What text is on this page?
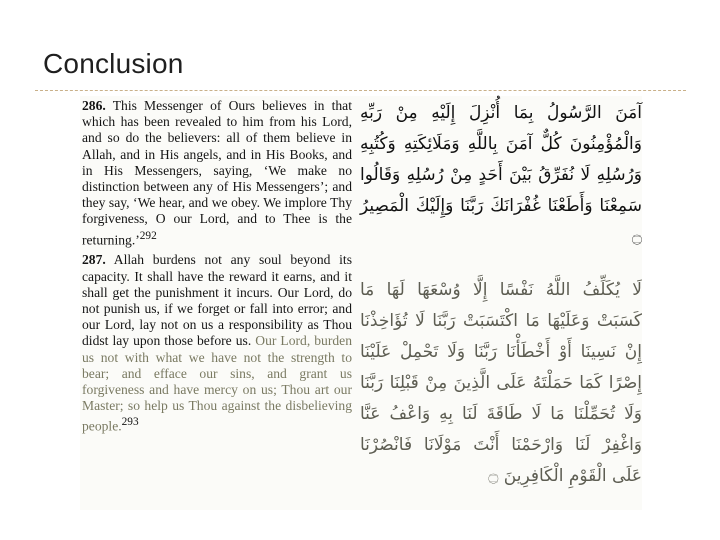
Conclusion

286. This Messenger of Ours believes in that which has been revealed to him from his Lord, and so do the believers: all of them believe in Allah, and in His angels, and in His Books, and in His Messengers, saying, ‘We make no distinction between any of His Messengers’; and they say, ‘We hear, and we obey. We implore Thy forgiveness, O our Lord, and to Thee is the returning.’$^{292}$

287. Allah burdens not any soul beyond its capacity. It shall have the reward it earns, and it shall get the punishment it incurs. Our Lord, do not punish us, if we forget or fall into error; and our Lord, lay not on us a responsibility as Thou didst lay upon those before us. Our Lord, burden us not with what we have not the strength to bear; and efface our sins, and grant us forgiveness and have mercy on us; Thou art our Master; so help us Thou against the disbelieving people.$^{293}$

آمَنَ الرَّسُولُ بِمَا أُنْزِلَ إِلَيْهِ مِنْ رَبِّهِ وَالْمُؤْمِنُونَ كُلٌّ آمَنَ بِاللَّهِ وَمَلَائِكَتِهِ وَكُتُبِهِ وَرُسُلِهِ لَا نُفَرِّقُ بَيْنَ أَحَدٍ مِنْ رُسُلِهِ وَقَالُوا سَمِعْنَا وَأَطَعْنَا غُفْرَانَكَ رَبَّنَا وَإِلَيْكَ الْمَصِيرُ ۝

لَا يُكَلِّفُ اللَّهُ نَفْسًا إِلَّا وُسْعَهَا لَهَا مَا كَسَبَتْ وَعَلَيْهَا مَا اكْتَسَبَتْ رَبَّنَا لَا تُؤَاخِذْنَا إِنْ نَسِينَا أَوْ أَخْطَأْنَا رَبَّنَا وَلَا تَحْمِلْ عَلَيْنَا إِصْرًا كَمَا حَمَلْتَهُ عَلَى الَّذِينَ مِنْ قَبْلِنَا رَبَّنَا وَلَا تُحَمِّلْنَا مَا لَا طَاقَةَ لَنَا بِهِ وَاعْفُ عَنَّا وَاغْفِرْ لَنَا وَارْحَمْنَا أَنْتَ مَوْلَانَا فَانْصُرْنَا عَلَى الْقَوْمِ الْكَافِرِينَ ۝
